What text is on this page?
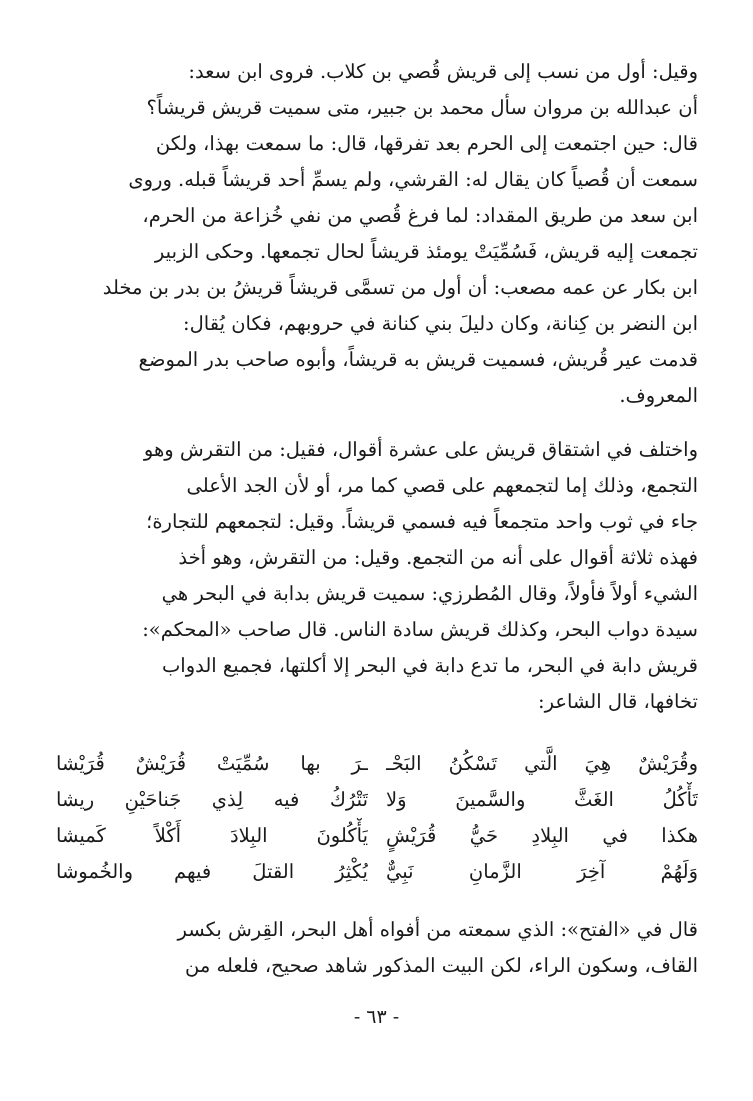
وقيل: أول من نسب إلى قريش قُصي بن كلاب. فروى ابن سعد:
أن عبدالله بن مروان سأل محمد بن جبير، متى سميت قريش قريشاً؟
قال: حين اجتمعت إلى الحرم بعد تفرقها، قال: ما سمعت بهذا، ولكن
سمعت أن قُصياً كان يقال له: القرشي، ولم يسمِّ أحد قريشاً قبله. وروى
ابن سعد من طريق المقداد: لما فرغ قُصي من نفي خُزاعة من الحرم،
تجمعت إليه قريش، فَسُمِّيَتْ يومئذ قريشاً لحال تجمعها. وحكى الزبير
ابن بكار عن عمه مصعب: أن أول من تسمَّى قريشاً قريشُ بن بدر بن مخلد
ابن النضر بن كِنانة، وكان دليلَ بني كنانة في حروبهم، فكان يُقال:
قدمت عير قُريش، فسميت قريش به قريشاً، وأبوه صاحب بدر الموضع
المعروف.

واختلف في اشتقاق قريش على عشرة أقوال، فقيل: من التقرش وهو
التجمع، وذلك إما لتجمعهم على قصي كما مر، أو لأن الجد الأعلى
جاء في ثوب واحد متجمعاً فيه فسمي قريشاً. وقيل: لتجمعهم للتجارة؛
فهذه ثلاثة أقوال على أنه من التجمع. وقيل: من التقرش، وهو أخذ
الشيء أولاً فأولاً، وقال المُطرزي: سميت قريش بدابة في البحر هي
سيدة دواب البحر، وكذلك قريش سادة الناس. قال صاحب «المحكم»:
قريش دابة في البحر، ما تدع دابة في البحر إلا أكلتها، فجميع الدواب
تخافها، قال الشاعر:

وقُرَيْشٌ هِيَ الَّتي تَسْكُنُ البَحْـ
ـرَ بها سُمِّيَتْ قُرَيْشٌ قُرَيْشا
تَأْكُلُ الغَثَّ والسَّمينَ وَلا
تَتْرُكُ فيه لِذي جَناحَيْنِ ريشا
هكذا في البِلادِ حَيُّ قُرَيْشٍ
يَأْكُلونَ البِلادَ أَكْلاً كَميشا
وَلَهُمْ آخِرَ الزَّمانِ نَبِيٌّ
يُكْثِرُ القتلَ فيهم والخُموشا

قال في «الفتح»: الذي سمعته من أفواه أهل البحر، القِرش بكسر
القاف، وسكون الراء، لكن البيت المذكور شاهد صحيح، فلعله من

- ٦٣ -
